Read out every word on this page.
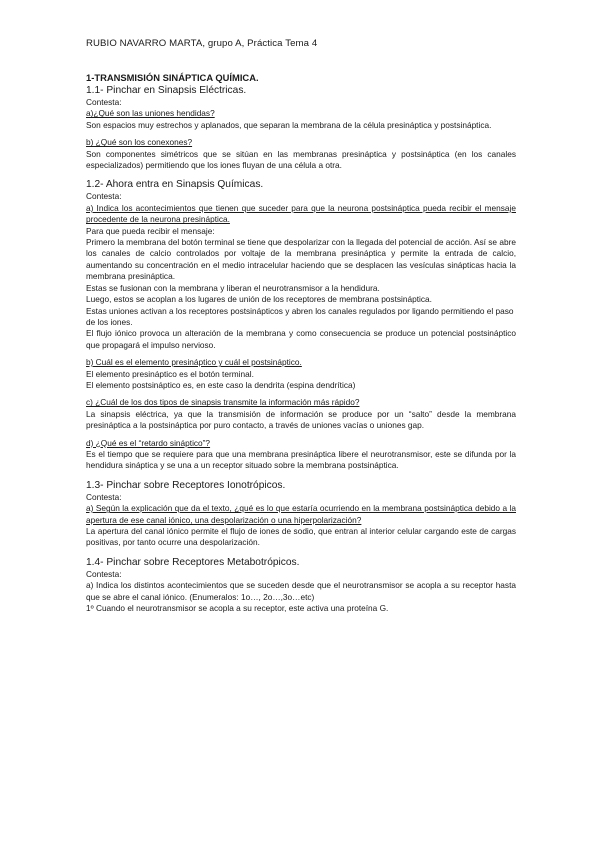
RUBIO NAVARRO MARTA, grupo A, Práctica Tema 4

1-TRANSMISIÓN SINÁPTICA QUÍMICA.

1.1- Pinchar en Sinapsis Eléctricas.

Contesta:

a)¿Qué son las uniones hendidas?

Son espacios muy estrechos y aplanados, que separan la membrana de la célula presináptica y postsináptica.

b) ¿Qué son los conexones?

Son componentes simétricos que se sitúan en las membranas presináptica y postsináptica (en los canales especializados) permitiendo que los iones fluyan de una célula a otra.

1.2- Ahora entra en Sinapsis Químicas.

Contesta:

a) Indica los acontecimientos que tienen que suceder para que la neurona postsináptica pueda recibir el mensaje procedente de la neurona presináptica.

Para que pueda recibir el mensaje:

Primero la membrana del botón terminal se tiene que despolarizar con la llegada del potencial de acción. Así se abre los canales de calcio controlados por voltaje de la membrana presináptica y permite la entrada de calcio, aumentando su concentración en el medio intracelular haciendo que se desplacen las vesículas sinápticas hacia la membrana presináptica.

Estas se fusionan con la membrana y liberan el neurotransmisor a la hendidura.

Luego, estos se acoplan a los lugares de unión de los receptores de membrana postsináptica.

Estas uniones activan a los receptores postsinápticos y abren los canales regulados por ligando permitiendo el paso de los iones.

El flujo iónico provoca un alteración de la membrana y como consecuencia se produce un potencial postsináptico que propagará el impulso nervioso.

b) Cuál es el elemento presináptico y cuál el postsináptico.

El elemento presináptico es el botón terminal.

El elemento postsináptico es, en este caso la dendrita (espina dendrítica)

c) ¿Cuál de los dos tipos de sinapsis transmite la información más rápido?

La sinapsis eléctrica, ya que la transmisión de información se produce por un “salto” desde la membrana presináptica a la postsináptica por puro contacto, a través de uniones vacías o uniones gap.

d) ¿Qué es el “retardo sináptico”?

Es el tiempo que se requiere para que una membrana presináptica libere el neurotransmisor, este se difunda por la hendidura sináptica y se una a un receptor situado sobre la membrana postsináptica.

1.3- Pinchar sobre Receptores Ionotrópicos.

Contesta:

a) Según la explicación que da el texto, ¿qué es lo que estaría ocurriendo en la membrana postsináptica debido a la apertura de ese canal iónico, una despolarización o una hiperpolarización?

La apertura del canal iónico permite el flujo de iones de sodio, que entran al interior celular cargando este de cargas positivas, por tanto ocurre una despolarización.

1.4- Pinchar sobre Receptores Metabotrópicos.

Contesta:

a) Indica los distintos acontecimientos que se suceden desde que el neurotransmisor se acopla a su receptor hasta que se abre el canal iónico. (Enumeralos: 1o…, 2o…,3o…etc)

1º Cuando el neurotransmisor se acopla a su receptor, este activa una proteína G.
